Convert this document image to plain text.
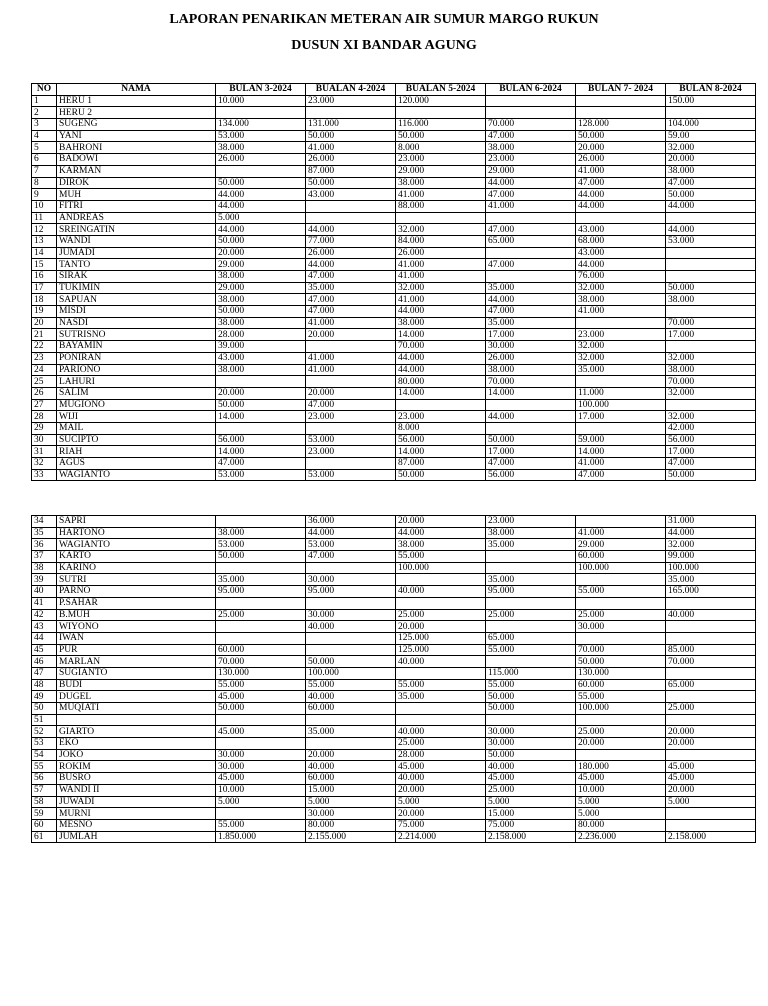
LAPORAN PENARIKAN METERAN AIR SUMUR MARGO RUKUN
DUSUN XI BANDAR AGUNG
NO	NAMA	BULAN 3-2024	BUALAN 4-2024	BUALAN 5-2024	BULAN 6-2024	BULAN 7- 2024	BULAN 8-2024
1	HERU 1	10.000	23.000	120.000			150.00
2	HERU 2						
3	SUGENG	134.000	131.000	116.000	70.000	128.000	104.000
4	YANI	53.000	50.000	50.000	47.000	50.000	59.00
5	BAHRONI	38.000	41.000	8.000	38.000	20.000	32.000
6	BADOWI	26.000	26.000	23.000	23.000	26.000	20.000
7	KARMAN		87.000	29.000	29.000	41.000	38.000
8	DIROK	50.000	50.000	38.000	44.000	47.000	47.000
9	MUH	44.000	43.000	41.000	47.000	44.000	50.000
10	FITRI	44.000		88.000	41.000	44.000	44.000
11	ANDREAS	5.000					
12	SREINGATIN	44.000	44.000	32.000	47.000	43.000	44.000
13	WANDI	50.000	77.000	84.000	65.000	68.000	53.000
14	JUMADI	20.000	26.000	26.000		43.000	
15	TANTO	29.000	44.000	41.000	47.000	44.000	
16	SIRAK	38.000	47.000	41.000		76.000	
17	TUKIMIN	29.000	35.000	32.000	35.000	32.000	50.000
18	SAPUAN	38.000	47.000	41.000	44.000	38.000	38.000
19	MISDI	50.000	47.000	44.000	47.000	41.000	
20	NASDI	38.000	41.000	38.000	35.000		70.000
21	SUTRISNO	28.000	20.000	14.000	17.000	23.000	17.000
22	BAYAMIN	39.000		70.000	30.000	32.000	
23	PONIRAN	43.000	41.000	44.000	26.000	32.000	32.000
24	PARIONO	38.000	41.000	44.000	38.000	35.000	38.000
25	LAHURI			80.000	70.000		70.000
26	SALIM	20.000	20.000	14.000	14.000	11.000	32.000
27	MUGIONO	50.000	47.000			100.000	
28	WIJI	14.000	23.000	23.000	44.000	17.000	32.000
29	MAIL			8.000			42.000
30	SUCIPTO	56.000	53.000	56.000	50.000	59.000	56.000
31	RIAH	14.000	23.000	14.000	17.000	14.000	17.000
32	AGUS	47.000		87.000	47.000	41.000	47.000
33	WAGIANTO	53.000	53.000	50.000	56.000	47.000	50.000
34	SAPRI		36.000	20.000	23.000		31.000
35	HARTONO	38.000	44.000	44.000	38.000	41.000	44.000
36	WAGIANTO	53.000	53.000	38.000	35.000	29.000	32.000
37	KARTO	50.000	47.000	55.000		60.000	99.000
38	KARINO			100.000		100.000	100.000
39	SUTRI	35.000	30.000		35.000		35.000
40	PARNO	95.000	95.000	40.000	95.000	55.000	165.000
41	P.SAHAR						
42	B.MUH	25.000	30.000	25.000	25.000	25.000	40.000
43	WIYONO		40.000	20.000		30.000	
44	IWAN			125.000	65.000		
45	PUR	60.000		125.000	55.000	70.000	85.000
46	MARLAN	70.000	50.000	40.000		50.000	70.000
47	SUGIANTO	130.000	100.000		115.000	130.000	
48	BUDI	55.000	55.000	55.000	55.000	60.000	65.000
49	DUGEL	45.000	40.000	35.000	50.000	55.000	
50	MUQIATI	50.000	60.000		50.000	100.000	25.000
51							
52	GIARTO	45.000	35.000	40.000	30.000	25.000	20.000
53	EKO			25.000	30.000	20.000	20.000
54	JOKO	30.000	20.000	28.000	50.000		
55	ROKIM	30.000	40.000	45.000	40.000	180.000	45.000
56	BUSRO	45.000	60.000	40.000	45.000	45.000	45.000
57	WANDI II	10.000	15.000	20.000	25.000	10.000	20.000
58	JUWADI	5.000	5.000	5.000	5.000	5.000	5.000
59	MURNI		30.000	20.000	15.000	5.000	
60	MESNO	55.000	80.000	75.000	75.000	80.000	
61	JUMLAH	1.850.000	2.155.000	2.214.000	2.158.000	2.236.000	2.158.000
